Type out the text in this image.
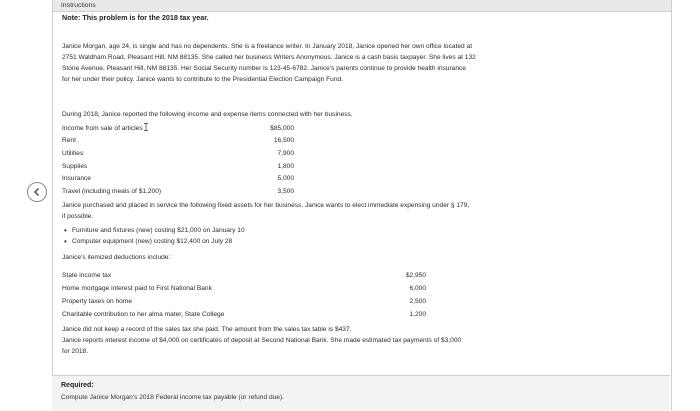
Instructions
Note: This problem is for the 2018 tax year.

Janice Morgan, age 24, is single and has no dependents. She is a freelance writer. In January 2018, Janice opened her own office located at

2751 Waldham Road, Pleasant Hill, NM 88135. She called her business Writers Anonymous. Janice is a cash basis taxpayer. She lives at 132

Stone Avenue, Pleasant Hill, NM 88135. Her Social Security number is 123-45-6782. Janice's parents continue to provide health insurance

for her under their policy. Janice wants to contribute to the Presidential Election Campaign Fund.

During 2018, Janice reported the following income and expense items connected with her business.

Income from sale of articles	$85,000
Rent	16,500
Utilities	7,900
Supplies	1,800
Insurance	5,000
Travel (including meals of $1,200)	3,500

Janice purchased and placed in service the following fixed assets for her business. Janice wants to elect immediate expensing under § 179,

if possible.

• Furniture and fixtures (new) costing $21,000 on January 10
• Computer equipment (new) costing $12,400 on July 28

Janice's itemized deductions include:

State income tax	$2,950
Home mortgage interest paid to First National Bank	6,000
Property taxes on home	2,500
Charitable contribution to her alma mater, State College	1,200

Janice did not keep a record of the sales tax she paid. The amount from the sales tax table is $437.

Janice reports interest income of $4,000 on certificates of deposit at Second National Bank. She made estimated tax payments of $3,000

for 2018.

Required:
Compute Janice Morgan's 2018 Federal income tax payable (or refund due).
